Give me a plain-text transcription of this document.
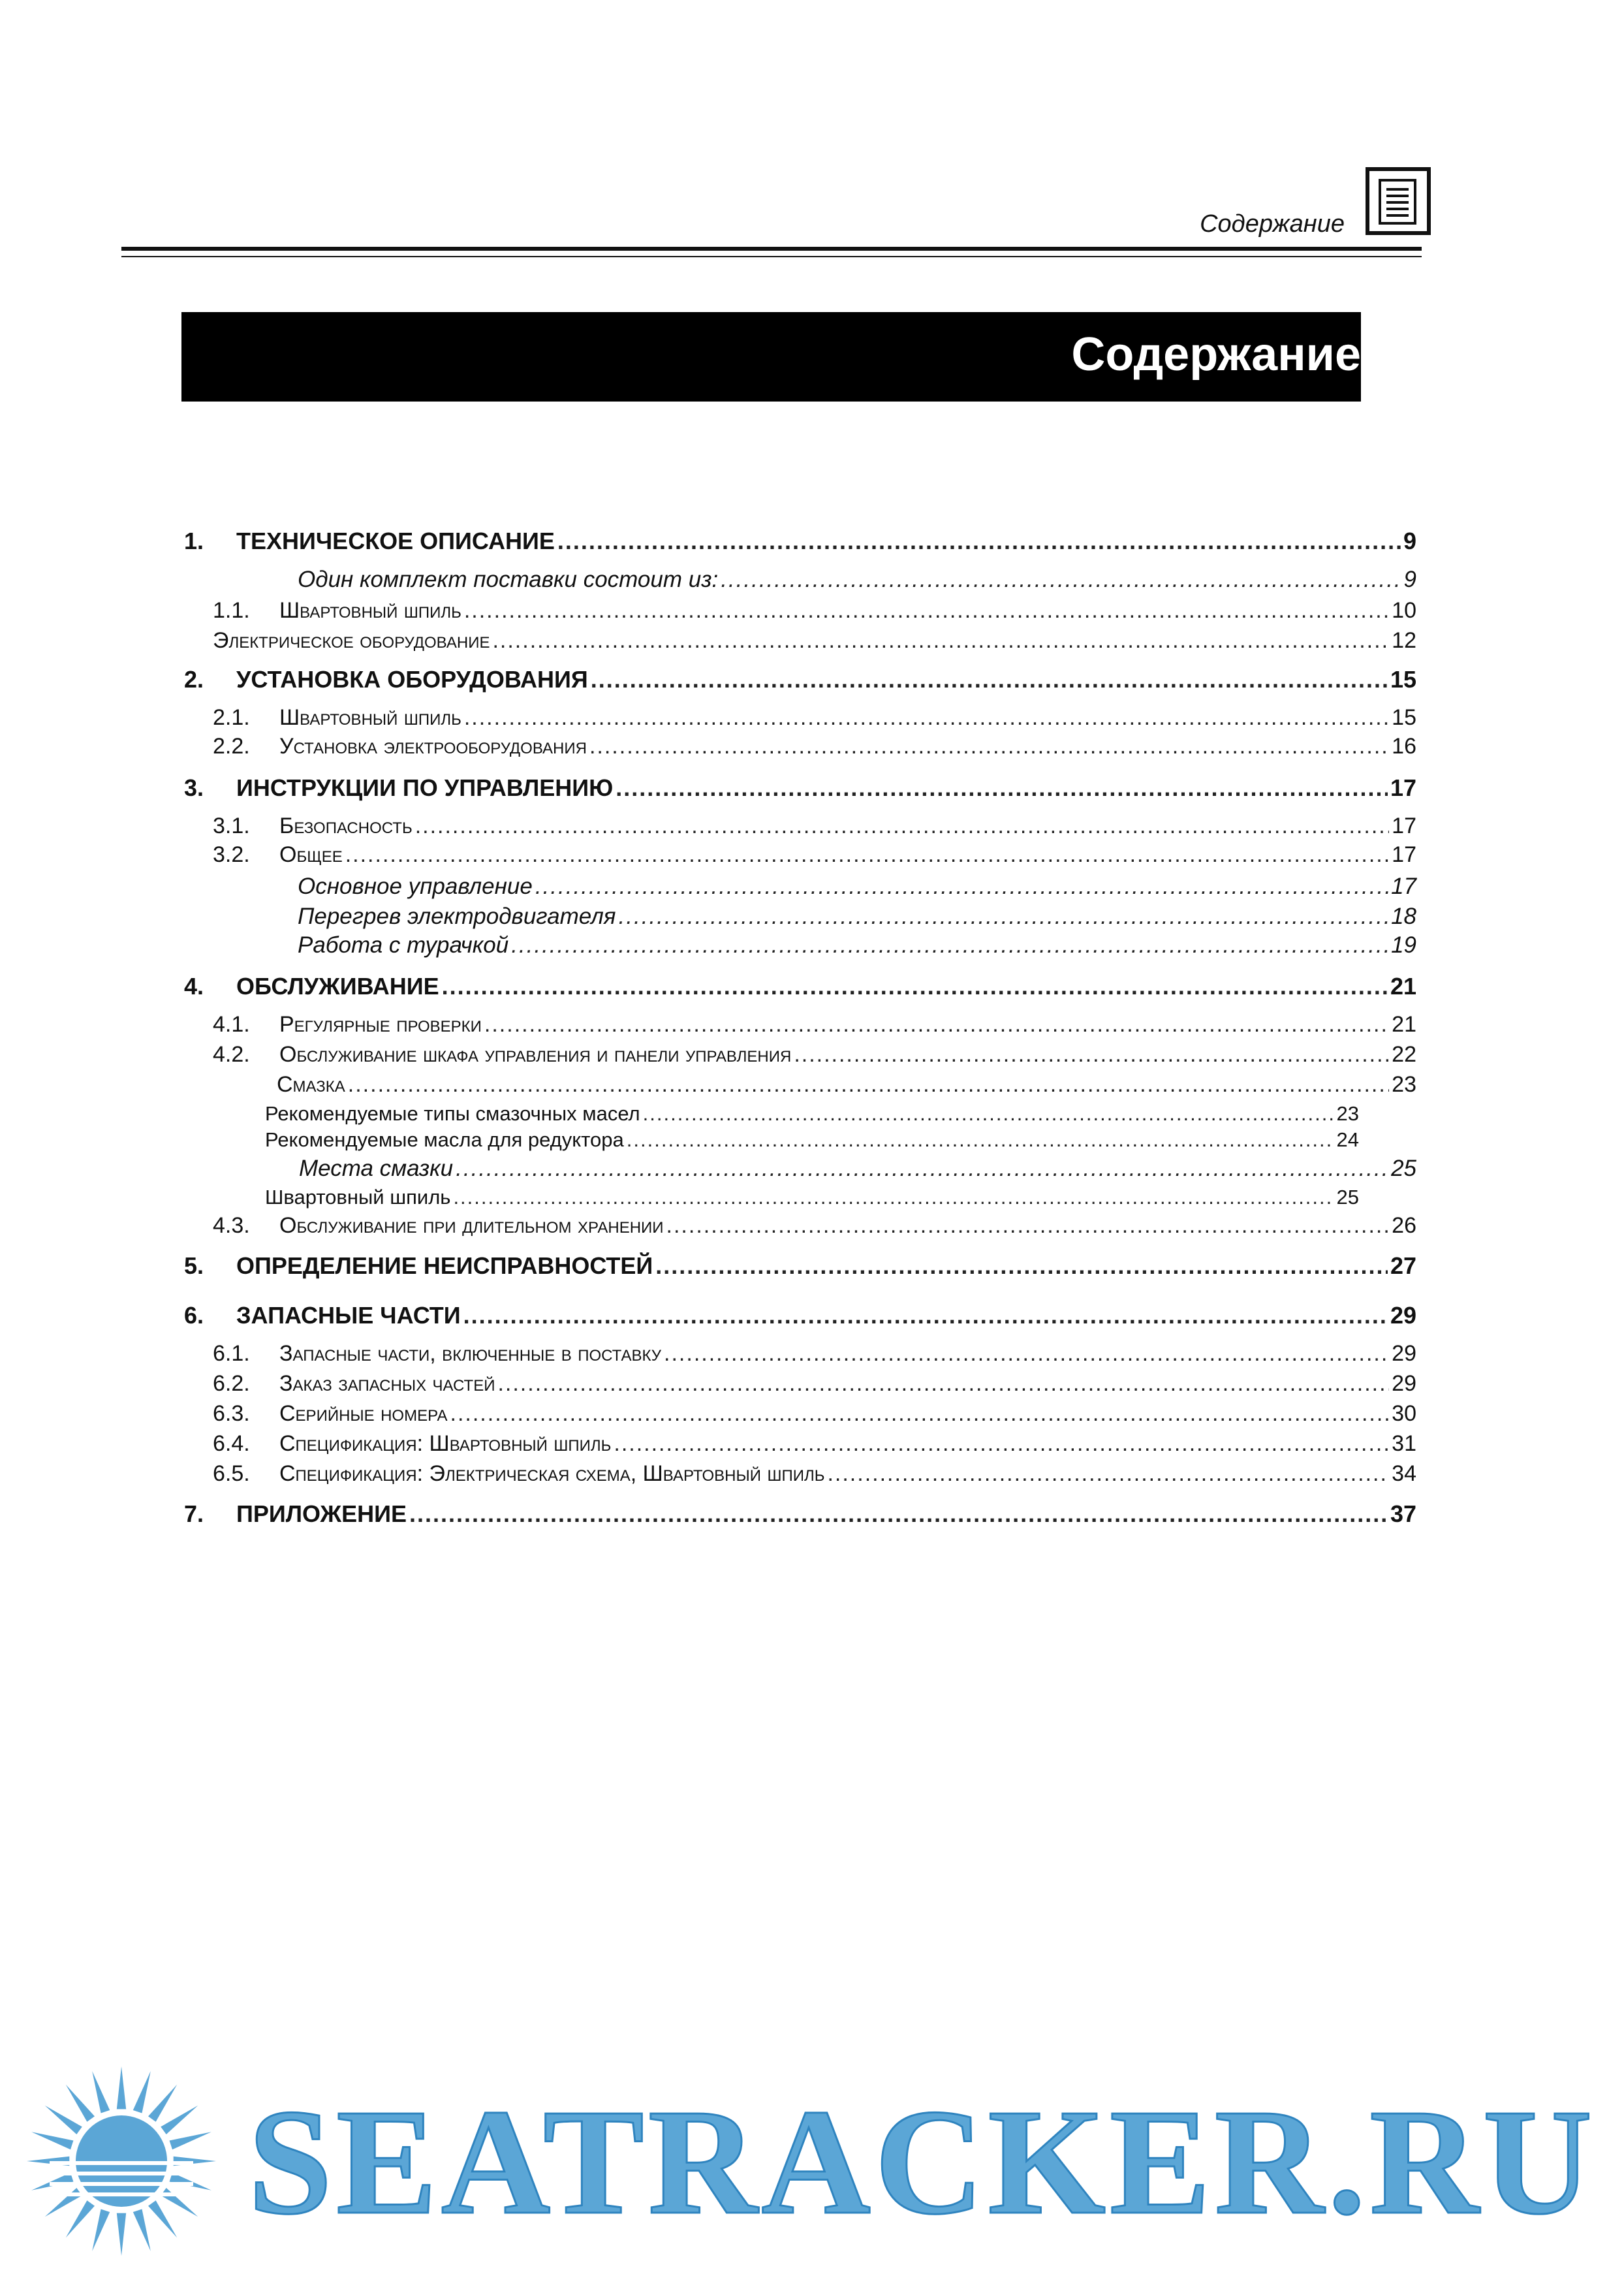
Содержание
Содержание
1.	ТЕХНИЧЕСКОЕ ОПИСАНИЕ .....	9
Один комплект поставки состоит из: .....	9
1.1.	Швартовный шпиль .....	10
Электрическое оборудование .....	12
2.	УСТАНОВКА ОБОРУДОВАНИЯ .....	15
2.1.	Швартовный шпиль .....	15
2.2.	Установка электрооборудования .....	16
3.	ИНСТРУКЦИИ ПО УПРАВЛЕНИЮ .....	17
3.1.	Безопасность .....	17
3.2.	Общее .....	17
Основное управление .....	17
Перегрев электродвигателя .....	18
Работа с турачкой .....	19
4.	ОБСЛУЖИВАНИЕ .....	21
4.1.	Регулярные проверки .....	21
4.2.	Обслуживание шкафа управления и панели управления .....	22
Смазка .....	23
Рекомендуемые типы смазочных масел .....	23
Рекомендуемые масла для редуктора .....	24
Места смазки .....	25
Швартовный шпиль .....	25
4.3.	Обслуживание при длительном хранении .....	26
5.	ОПРЕДЕЛЕНИЕ НЕИСПРАВНОСТЕЙ .....	27
6.	ЗАПАСНЫЕ ЧАСТИ .....	29
6.1.	Запасные части, включенные в поставку .....	29
6.2.	Заказ запасных частей .....	29
6.3.	Серийные номера .....	30
6.4.	Спецификация: Швартовный шпиль .....	31
6.5.	Спецификация: Электрическая схема, Швартовный шпиль .....	34
7.	ПРИЛОЖЕНИЕ .....	37
SEATRACKER.RU
